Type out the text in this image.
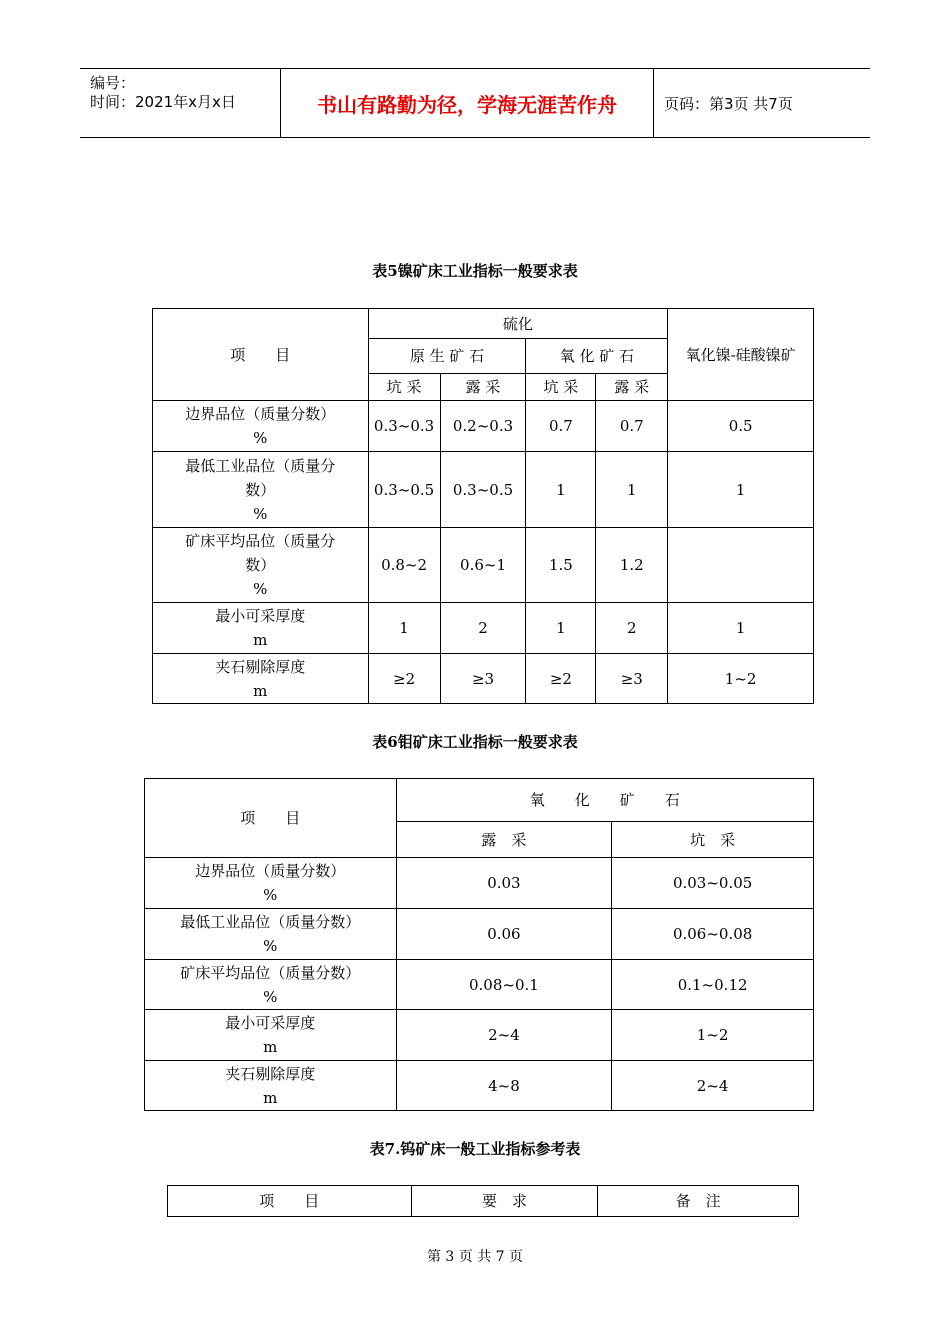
编号：
时间：2021年x月x日	书山有路勤为径，学海无涯苦作舟	页码：第3页 共7页
表5镍矿床工业指标一般要求表
项　　目	硫化				氧化镍-硅酸镍矿
	原 生 矿 石		氧 化 矿 石		
	坑 采	露 采	坑 采	露 采	

边界品位（质量分数）
%	0.3~0.3	0.2~0.3	0.7	0.7	0.5

最低工业品位（质量分
数）
%	0.3~0.5	0.3~0.5	1	1	1

矿床平均品位（质量分
数）
%	0.8~2	0.6~1	1.5	1.2	

最小可采厚度
m	1	2	1	2	1

夹石剔除厚度
m	≥2	≥3	≥2	≥3	1~2
表6钼矿床工业指标一般要求表
项　　目	氧　　化　　矿　　石	
	露　采	坑　采

边界品位（质量分数）
%	0.03	0.03~0.05

最低工业品位（质量分数）
%	0.06	0.06~0.08

矿床平均品位（质量分数）
%	0.08~0.1	0.1~0.12

最小可采厚度
m	2~4	1~2

夹石剔除厚度
m	4~8	2~4
表7.钨矿床一般工业指标参考表
项　　目	要　求	备　注
第 3 页 共 7 页
